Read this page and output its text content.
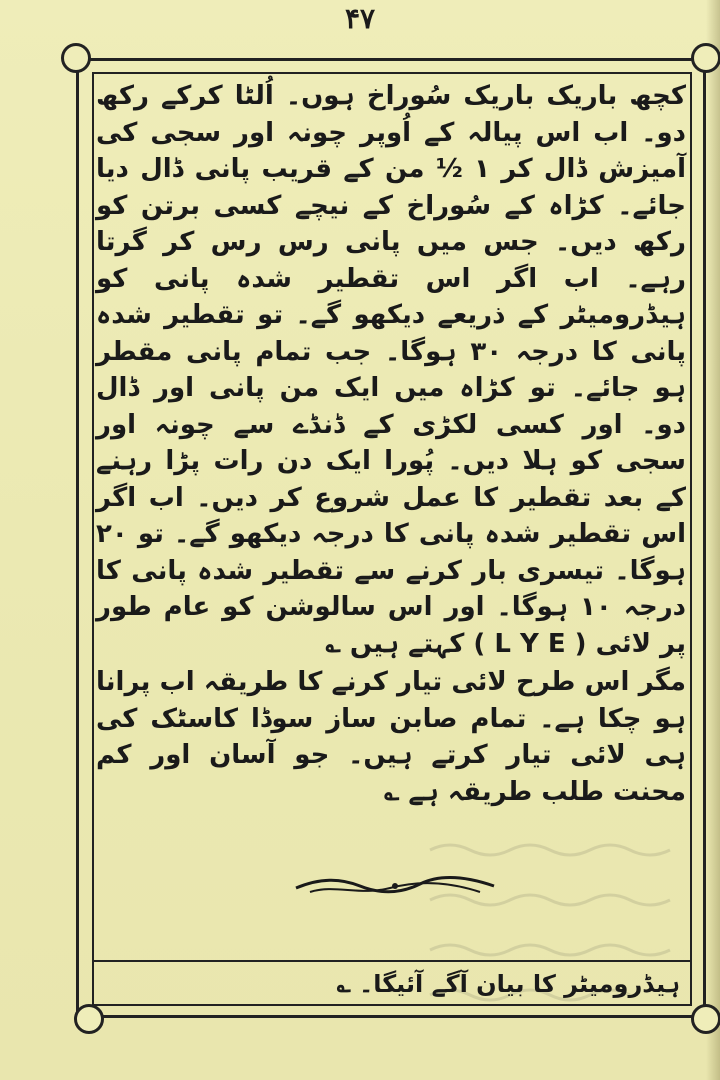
۴۷

کچھ باریک باریک سُوراخ ہوں۔ اُلٹا کرکے رکھ دو۔ اب اس پیالہ کے اُوپر چونہ اور سجی کی آمیزش ڈال کر ۱ ½ من کے قریب پانی ڈال دیا جائے۔ کڑاہ کے سُوراخ کے نیچے کسی برتن کو رکھ دیں۔ جس میں پانی رس رس کر گرتا رہے۔ اب اگر اس تقطیر شدہ پانی کو ہیڈرومیٹر کے ذریعے دیکھو گے۔ تو تقطیر شدہ پانی کا درجہ ۳۰ ہوگا۔ جب تمام پانی مقطر ہو جائے۔ تو کڑاہ میں ایک من پانی اور ڈال دو۔ اور کسی لکڑی کے ڈنڈے سے چونہ اور سجی کو ہلا دیں۔ پُورا ایک دن رات پڑا رہنے کے بعد تقطیر کا عمل شروع کر دیں۔ اب اگر اس تقطیر شدہ پانی کا درجہ دیکھو گے۔ تو ۲۰ ہوگا۔ تیسری بار کرنے سے تقطیر شدہ پانی کا درجہ ۱۰ ہوگا۔ اور اس سالوشن کو عام طور پر لائی ( L Y E ) کہتے ہیں ؎

مگر اس طرح لائی تیار کرنے کا طریقہ اب پرانا ہو چکا ہے۔ تمام صابن ساز سوڈا کاسٹک کی ہی لائی تیار کرتے ہیں۔ جو آسان اور کم محنت طلب طریقہ ہے ؎

ہیڈرومیٹر کا بیان آگے آئیگا۔ ؎
